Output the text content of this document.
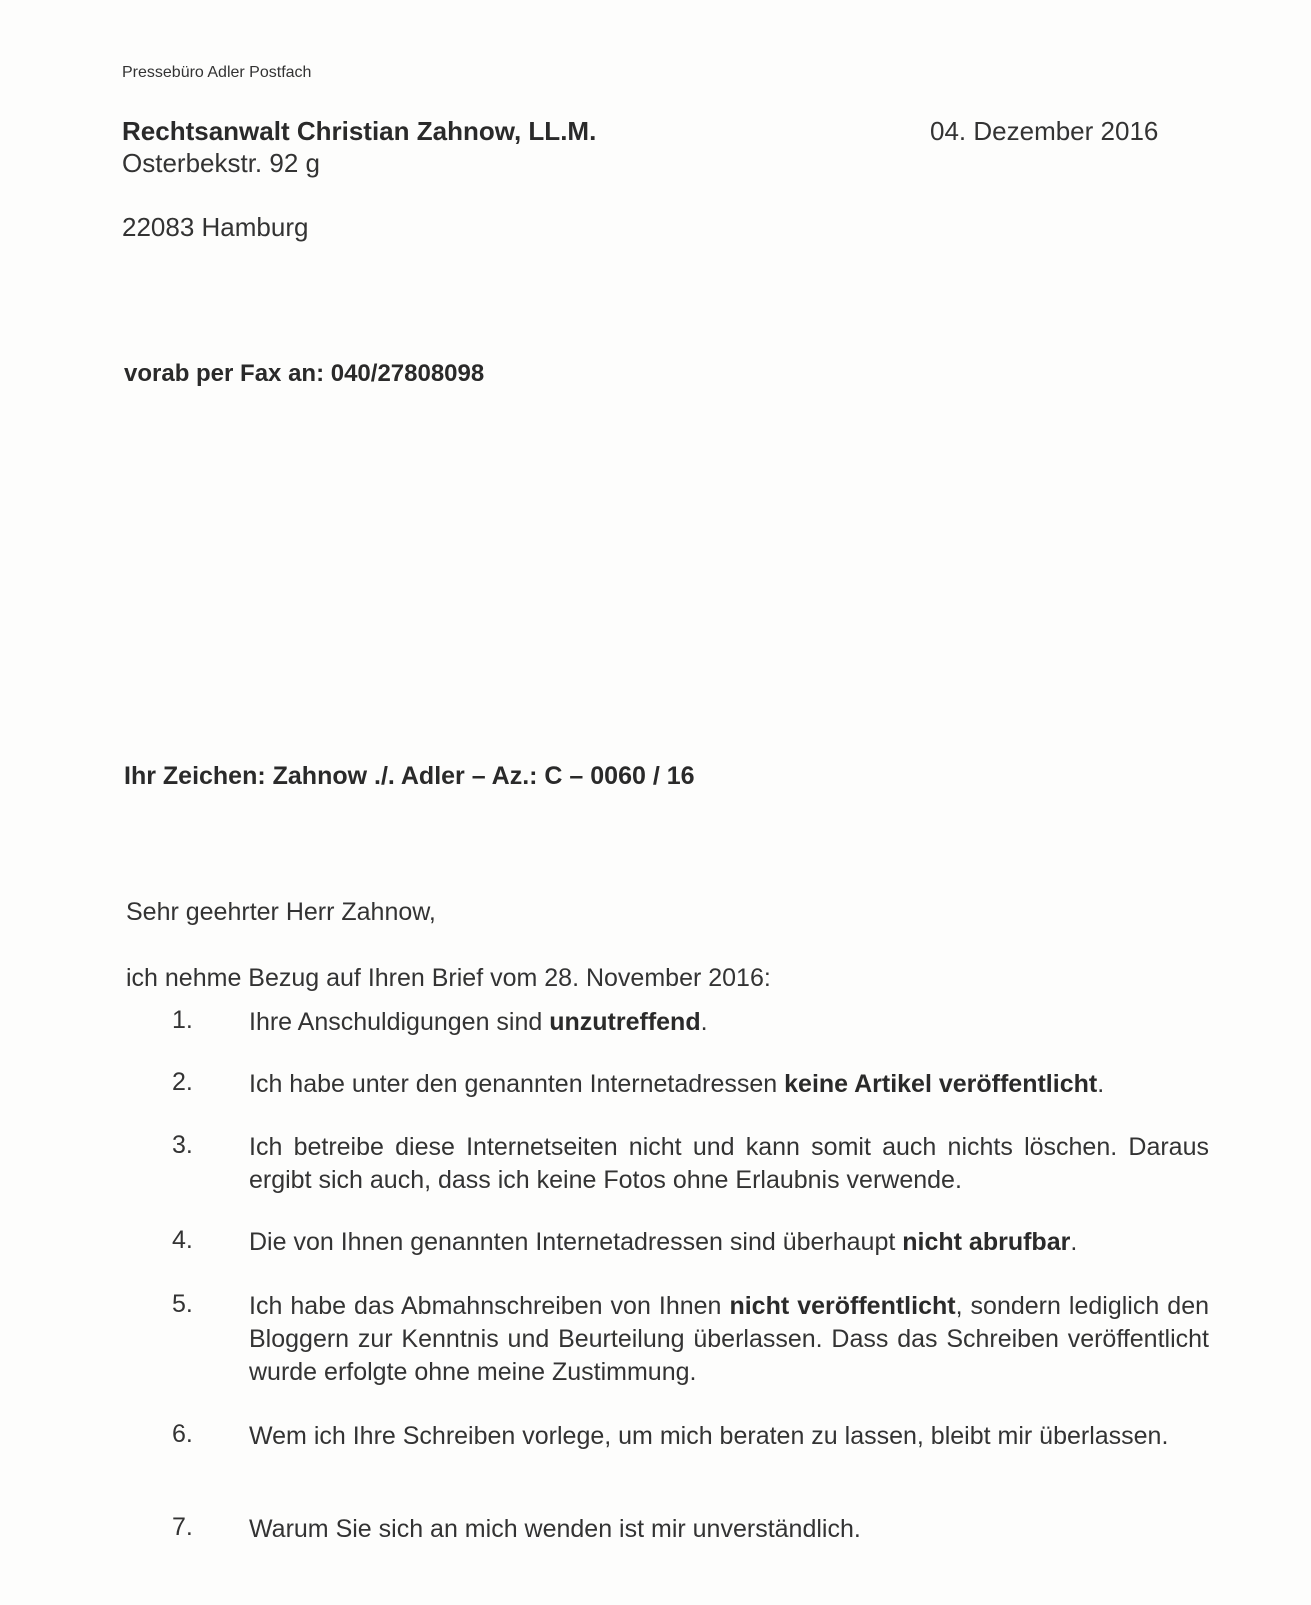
Pressebüro Adler Postfach
Rechtsanwalt Christian Zahnow, LL.M.
Osterbekstr. 92 g
22083 Hamburg
04. Dezember 2016
vorab per Fax an: 040/27808098
Ihr Zeichen: Zahnow ./. Adler – Az.: C – 0060 / 16
Sehr geehrter Herr Zahnow,
ich nehme Bezug auf Ihren Brief vom 28. November 2016:
1. Ihre Anschuldigungen sind unzutreffend.
2. Ich habe unter den genannten Internetadressen keine Artikel veröffentlicht.
3. Ich betreibe diese Internetseiten nicht und kann somit auch nichts löschen. Daraus ergibt sich auch, dass ich keine Fotos ohne Erlaubnis verwende.
4. Die von Ihnen genannten Internetadressen sind überhaupt nicht abrufbar.
5. Ich habe das Abmahnschreiben von Ihnen nicht veröffentlicht, sondern lediglich den Bloggern zur Kenntnis und Beurteilung überlassen. Dass das Schreiben veröffentlicht wurde erfolgte ohne meine Zustimmung.
6. Wem ich Ihre Schreiben vorlege, um mich beraten zu lassen, bleibt mir überlassen.
7. Warum Sie sich an mich wenden ist mir unverständlich.
